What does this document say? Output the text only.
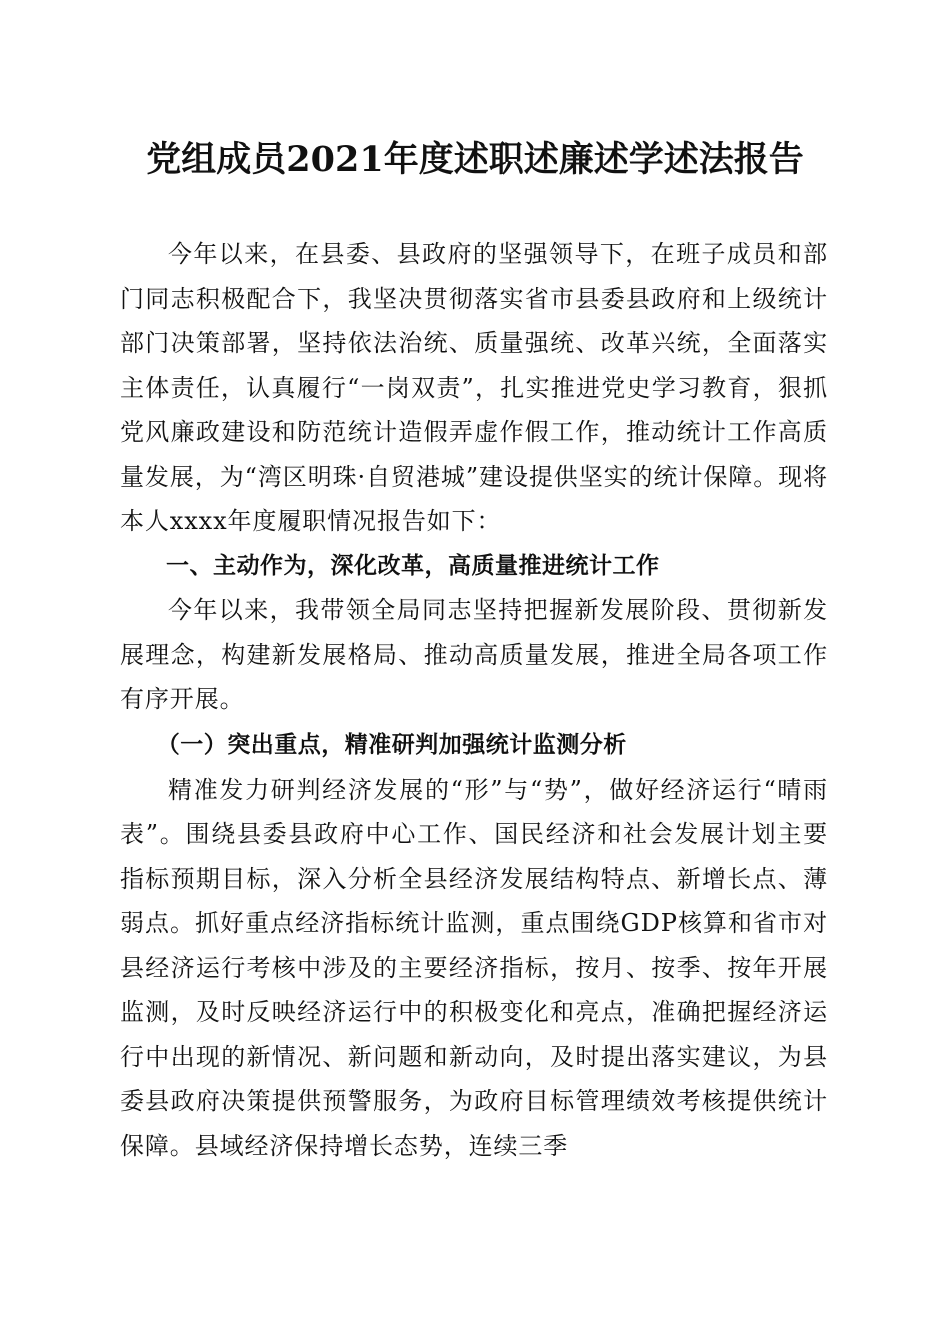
党组成员2021年度述职述廉述学述法报告

今年以来，在县委、县政府的坚强领导下，在班子成员和部门同志积极配合下，我坚决贯彻落实省市县委县政府和上级统计部门决策部署，坚持依法治统、质量强统、改革兴统，全面落实主体责任，认真履行“一岗双责”，扎实推进党史学习教育，狠抓党风廉政建设和防范统计造假弄虚作假工作，推动统计工作高质量发展，为“湾区明珠·自贸港城”建设提供坚实的统计保障。现将本人xxxx年度履职情况报告如下：

一、主动作为，深化改革，高质量推进统计工作

今年以来，我带领全局同志坚持把握新发展阶段、贯彻新发展理念，构建新发展格局、推动高质量发展，推进全局各项工作有序开展。

（一）突出重点，精准研判加强统计监测分析

精准发力研判经济发展的“形”与“势”，做好经济运行“晴雨表”。围绕县委县政府中心工作、国民经济和社会发展计划主要指标预期目标，深入分析全县经济发展结构特点、新增长点、薄弱点。抓好重点经济指标统计监测，重点围绕GDP核算和省市对县经济运行考核中涉及的主要经济指标，按月、按季、按年开展监测，及时反映经济运行中的积极变化和亮点，准确把握经济运行中出现的新情况、新问题和新动向，及时提出落实建议，为县委县政府决策提供预警服务，为政府目标管理绩效考核提供统计保障。县域经济保持增长态势，连续三季
